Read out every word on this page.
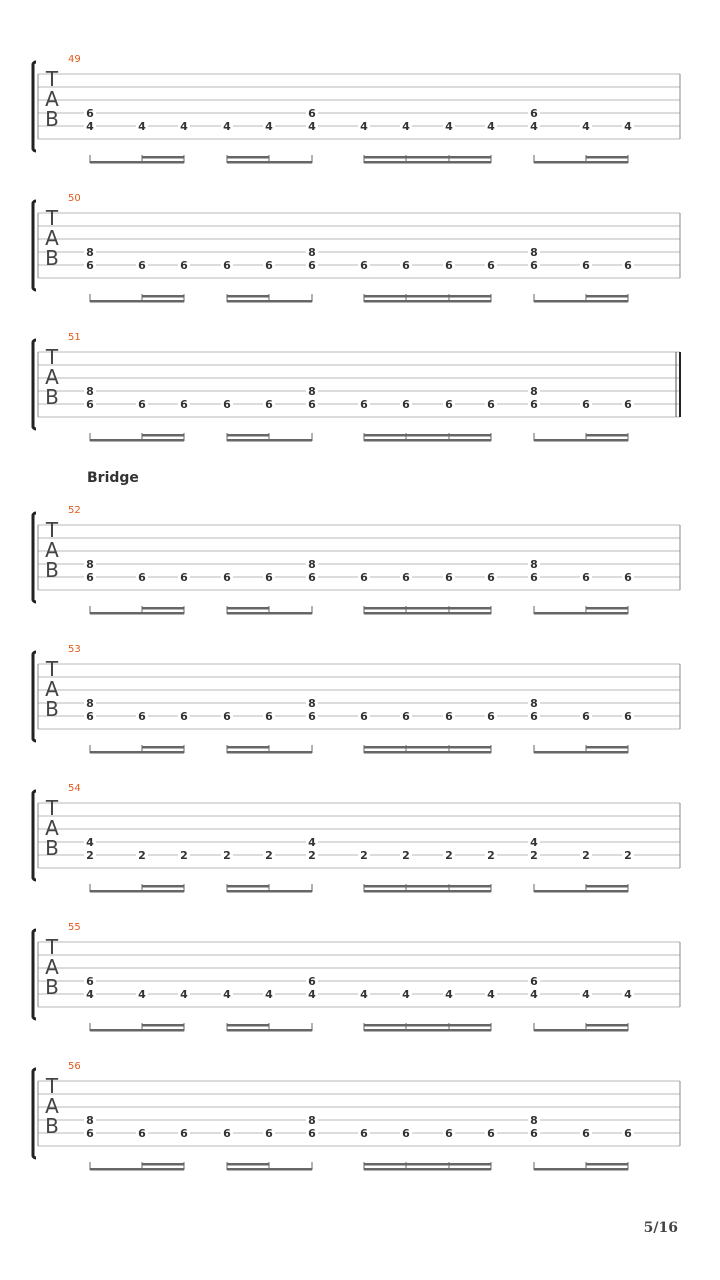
49
T
A
B 4
6
4	4	4	4	4
6
4	4	4	4	4
6
4	4
50
T
A
B 6
8
6	6	6	6	6
8
6	6	6	6	6
8
6	6
51
T
A
B 6
8
6	6	6	6	6
8
6	6	6	6	6
8
6	6
52
T
A
B 6
8
6	6	6	6	6
8
6	6	6	6	6
8
6	6
53
T
A
B 6
8
6	6	6	6	6
8
6	6	6	6	6
8
6	6
54
T
A
B 2
4
2	2	2	2	2
4
2	2	2	2	2
4
2	2
55
T
A
B 4
6
4	4	4	4	4
6
4	4	4	4	4
6
4	4
56
T
A
B 6
8
6	6	6	6	6
8
6	6	6	6	6
8
6	6
Bridge
5/16
